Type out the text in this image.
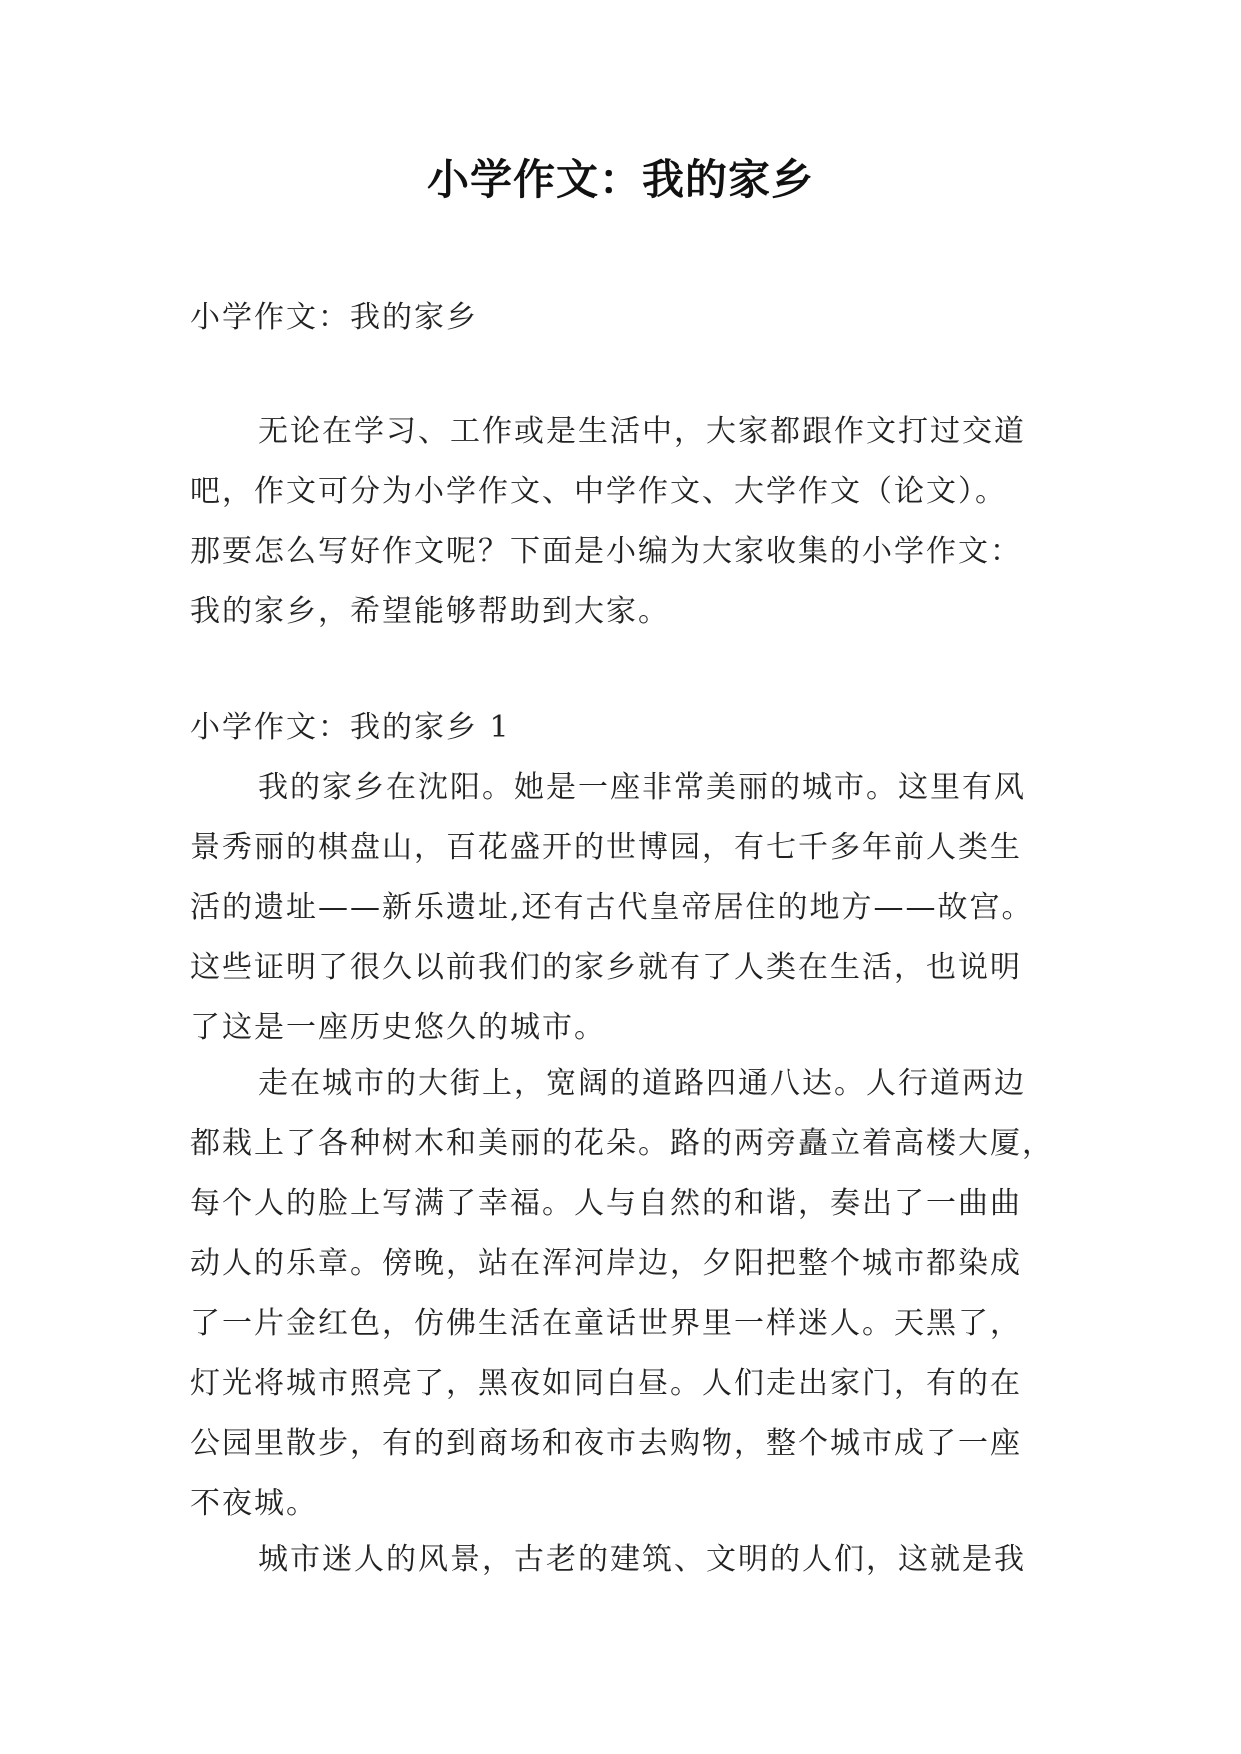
小学作文：我的家乡
小学作文：我的家乡
无论在学习、工作或是生活中，大家都跟作文打过交道
吧，作文可分为小学作文、中学作文、大学作文（论文）。
那要怎么写好作文呢？下面是小编为大家收集的小学作文：
我的家乡，希望能够帮助到大家。
小学作文：我的家乡 1
我的家乡在沈阳。她是一座非常美丽的城市。这里有风
景秀丽的棋盘山，百花盛开的世博园，有七千多年前人类生
活的遗址——新乐遗址,还有古代皇帝居住的地方——故宫。
这些证明了很久以前我们的家乡就有了人类在生活，也说明
了这是一座历史悠久的城市。
走在城市的大街上，宽阔的道路四通八达。人行道两边
都栽上了各种树木和美丽的花朵。路的两旁矗立着高楼大厦，
每个人的脸上写满了幸福。人与自然的和谐，奏出了一曲曲
动人的乐章。傍晚，站在浑河岸边，夕阳把整个城市都染成
了一片金红色，仿佛生活在童话世界里一样迷人。天黑了，
灯光将城市照亮了，黑夜如同白昼。人们走出家门，有的在
公园里散步，有的到商场和夜市去购物，整个城市成了一座
不夜城。
城市迷人的风景，古老的建筑、文明的人们，这就是我
